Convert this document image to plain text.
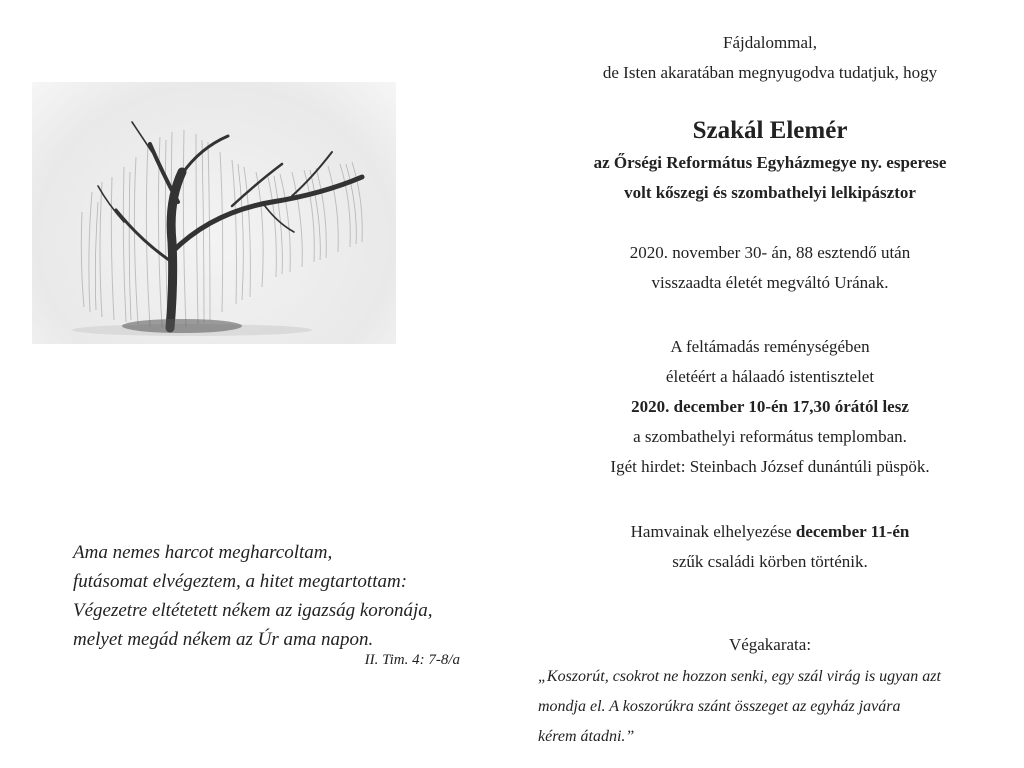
Fájdalommal,
de Isten akaratában megnyugodva tudatjuk, hogy
Szakál Elemér
az Őrségi Református Egyházmegye ny. esperese
volt kőszegi és szombathelyi lelkipásztor
2020. november 30- án, 88 esztendő után
visszaadta életét megváltó Urának.
A feltámadás reménységében
életéért a hálaadó istentisztelet
2020. december 10-én 17,30 órától lesz
a szombathelyi református templomban.
Igét hirdet: Steinbach József dunántúli püspök.
Hamvainak elhelyezése december 11-én
szűk családi körben történik.
Végakarata:
„Koszorút, csokrot ne hozzon senki, egy szál virág is ugyan azt
mondja el. A koszorúkra szánt összeget az egyház javára
kérem átadni.”
Ama nemes harcot megharcoltam,
futásomat elvégeztem, a hitet megtartottam:
Végezetre eltétetett nékem az igazság koronája,
melyet megád nékem az Úr ama napon.
II. Tim. 4: 7-8/a
